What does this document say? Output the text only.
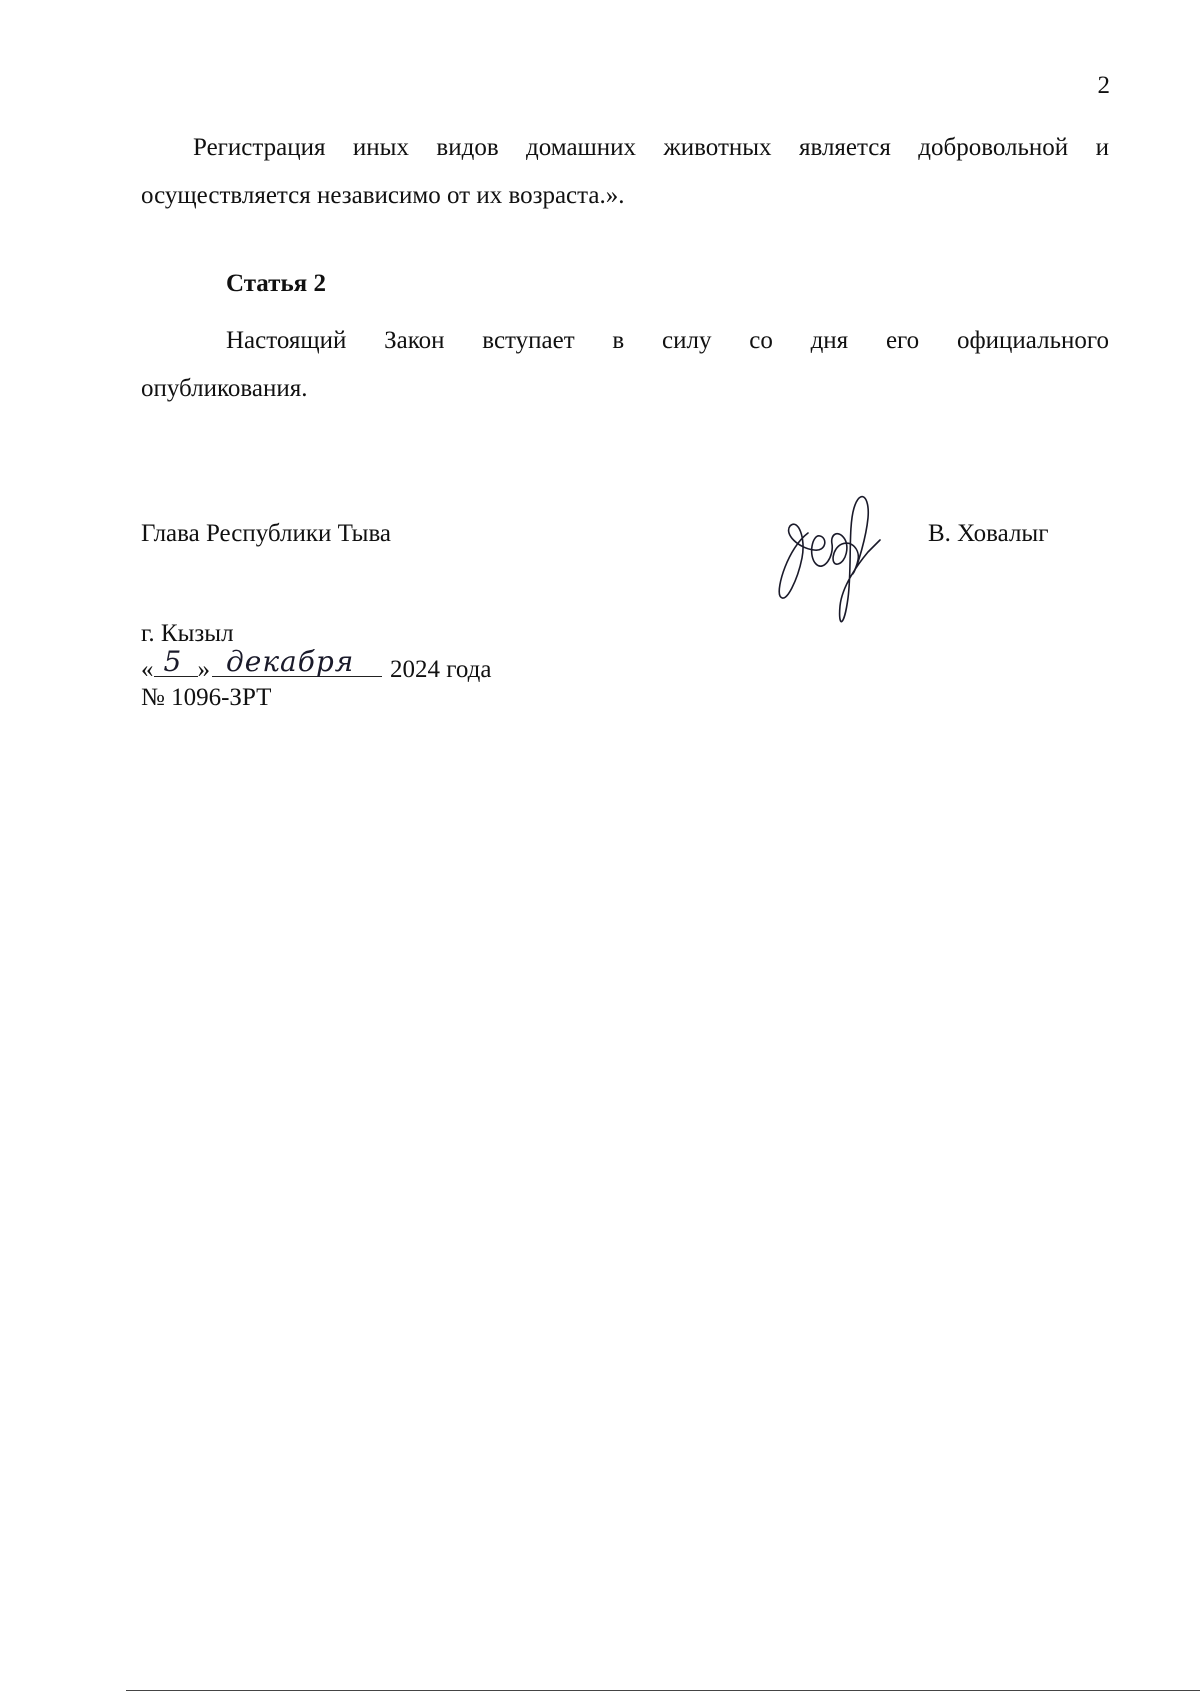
2
Регистрация иных видов домашних животных является добровольной и
осуществляется независимо от их возраста.».
Статья 2
Настоящий Закон вступает в силу со дня его официального
опубликования.
Глава Республики Тыва	В. Ховалыг
г. Кызыл
« 5 » декабря 2024 года
№ 1096-ЗРТ
